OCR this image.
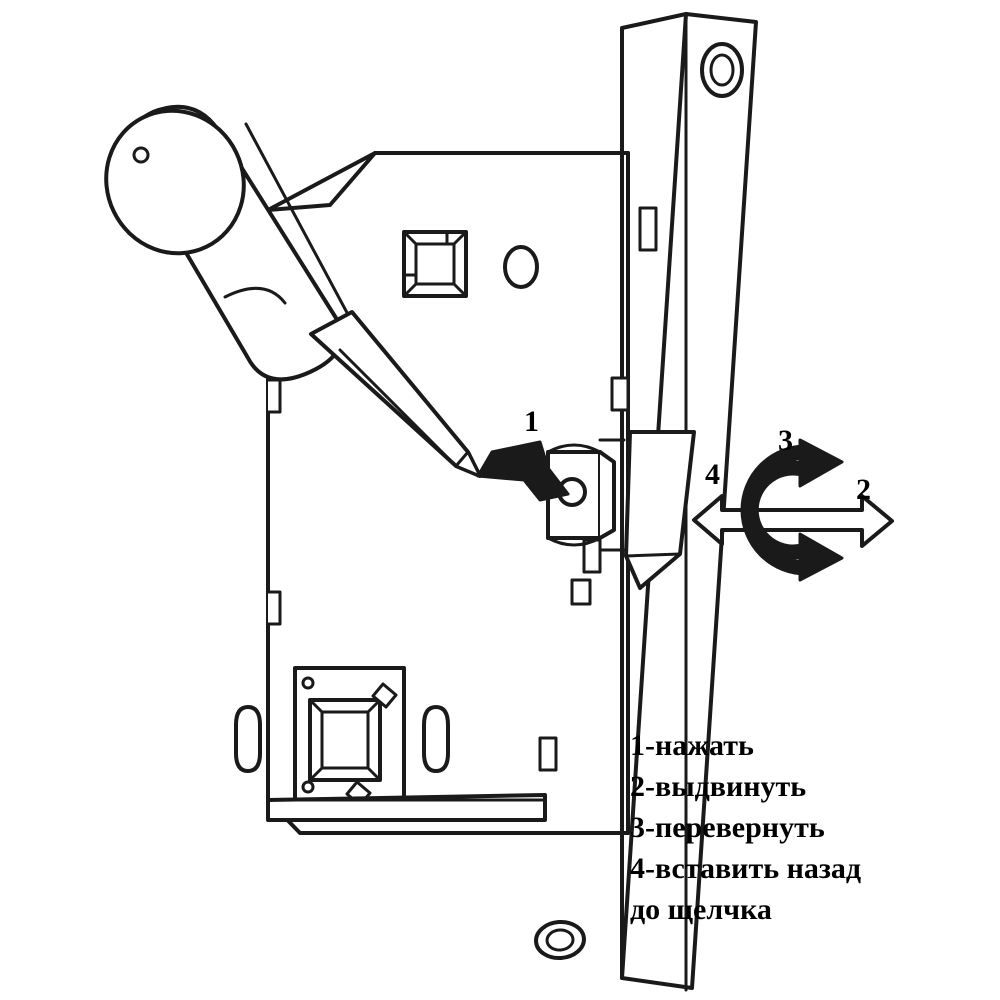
1
2
3
4
1-нажать
2-выдвинуть
3-перевернуть
4-вставить назад
до щелчка
